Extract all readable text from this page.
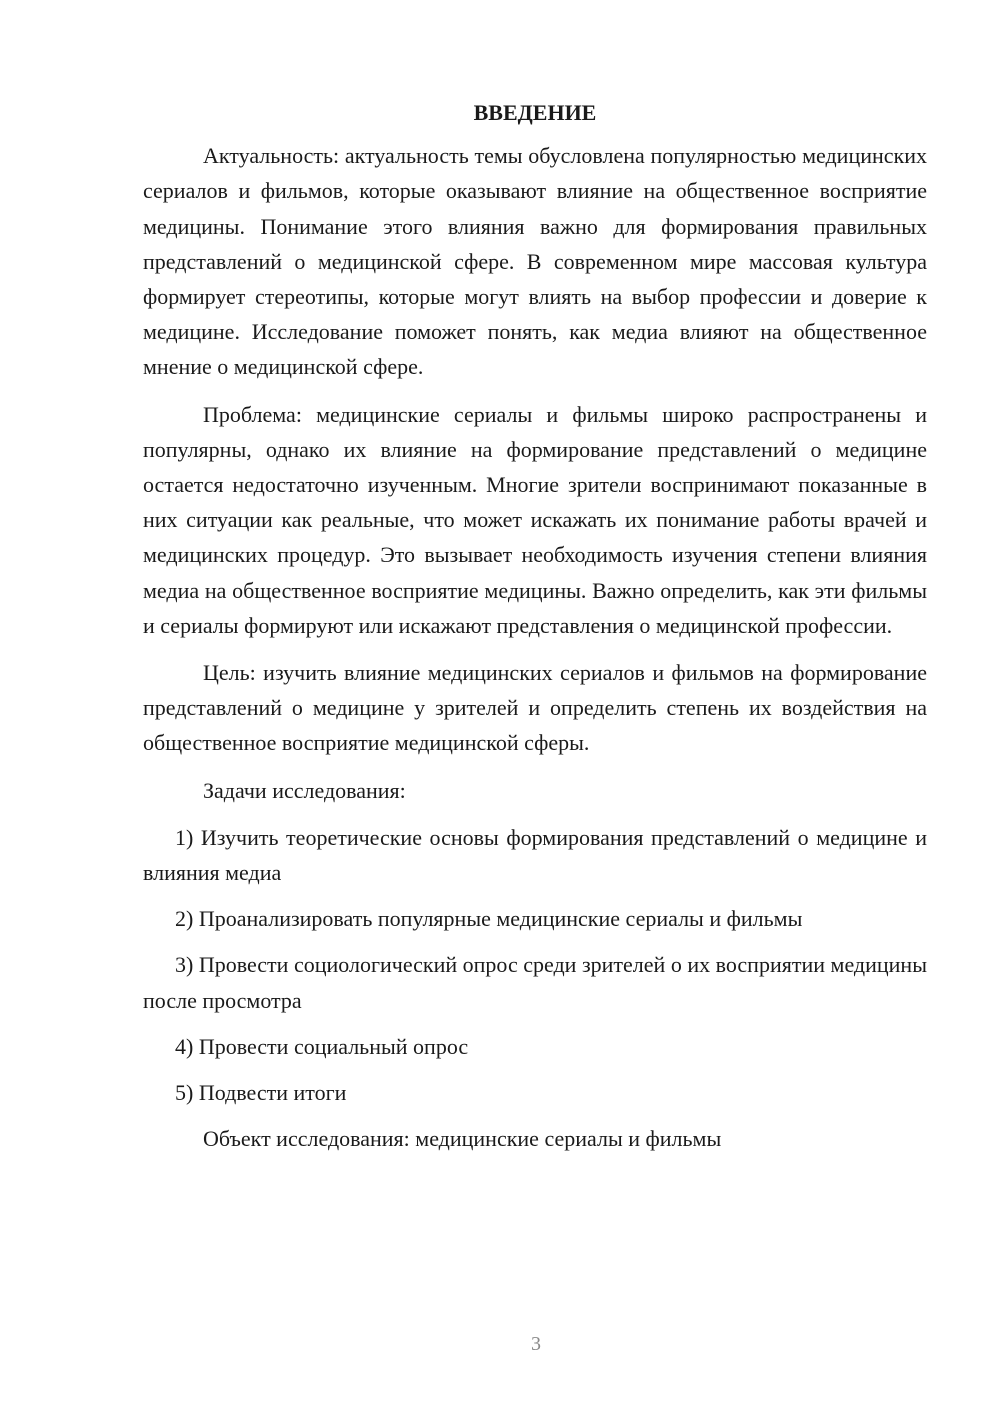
ВВЕДЕНИЕ

Актуальность: актуальность темы обусловлена популярностью медицинских сериалов и фильмов, которые оказывают влияние на общественное восприятие медицины. Понимание этого влияния важно для формирования правильных представлений о медицинской сфере. В современном мире массовая культура формирует стереотипы, которые могут влиять на выбор профессии и доверие к медицине. Исследование поможет понять, как медиа влияют на общественное мнение о медицинской сфере.

Проблема: медицинские сериалы и фильмы широко распространены и популярны, однако их влияние на формирование представлений о медицине остается недостаточно изученным. Многие зрители воспринимают показанные в них ситуации как реальные, что может искажать их понимание работы врачей и медицинских процедур. Это вызывает необходимость изучения степени влияния медиа на общественное восприятие медицины. Важно определить, как эти фильмы и сериалы формируют или искажают представления о медицинской профессии.

Цель: изучить влияние медицинских сериалов и фильмов на формирование представлений о медицине у зрителей и определить степень их воздействия на общественное восприятие медицинской сферы.

Задачи исследования:

1) Изучить теоретические основы формирования представлений о медицине и влияния медиа

2) Проанализировать популярные медицинские сериалы и фильмы

3) Провести социологический опрос среди зрителей о их восприятии медицины после просмотра

4) Провести социальный опрос

5) Подвести итоги

Объект исследования: медицинские сериалы и фильмы

3
